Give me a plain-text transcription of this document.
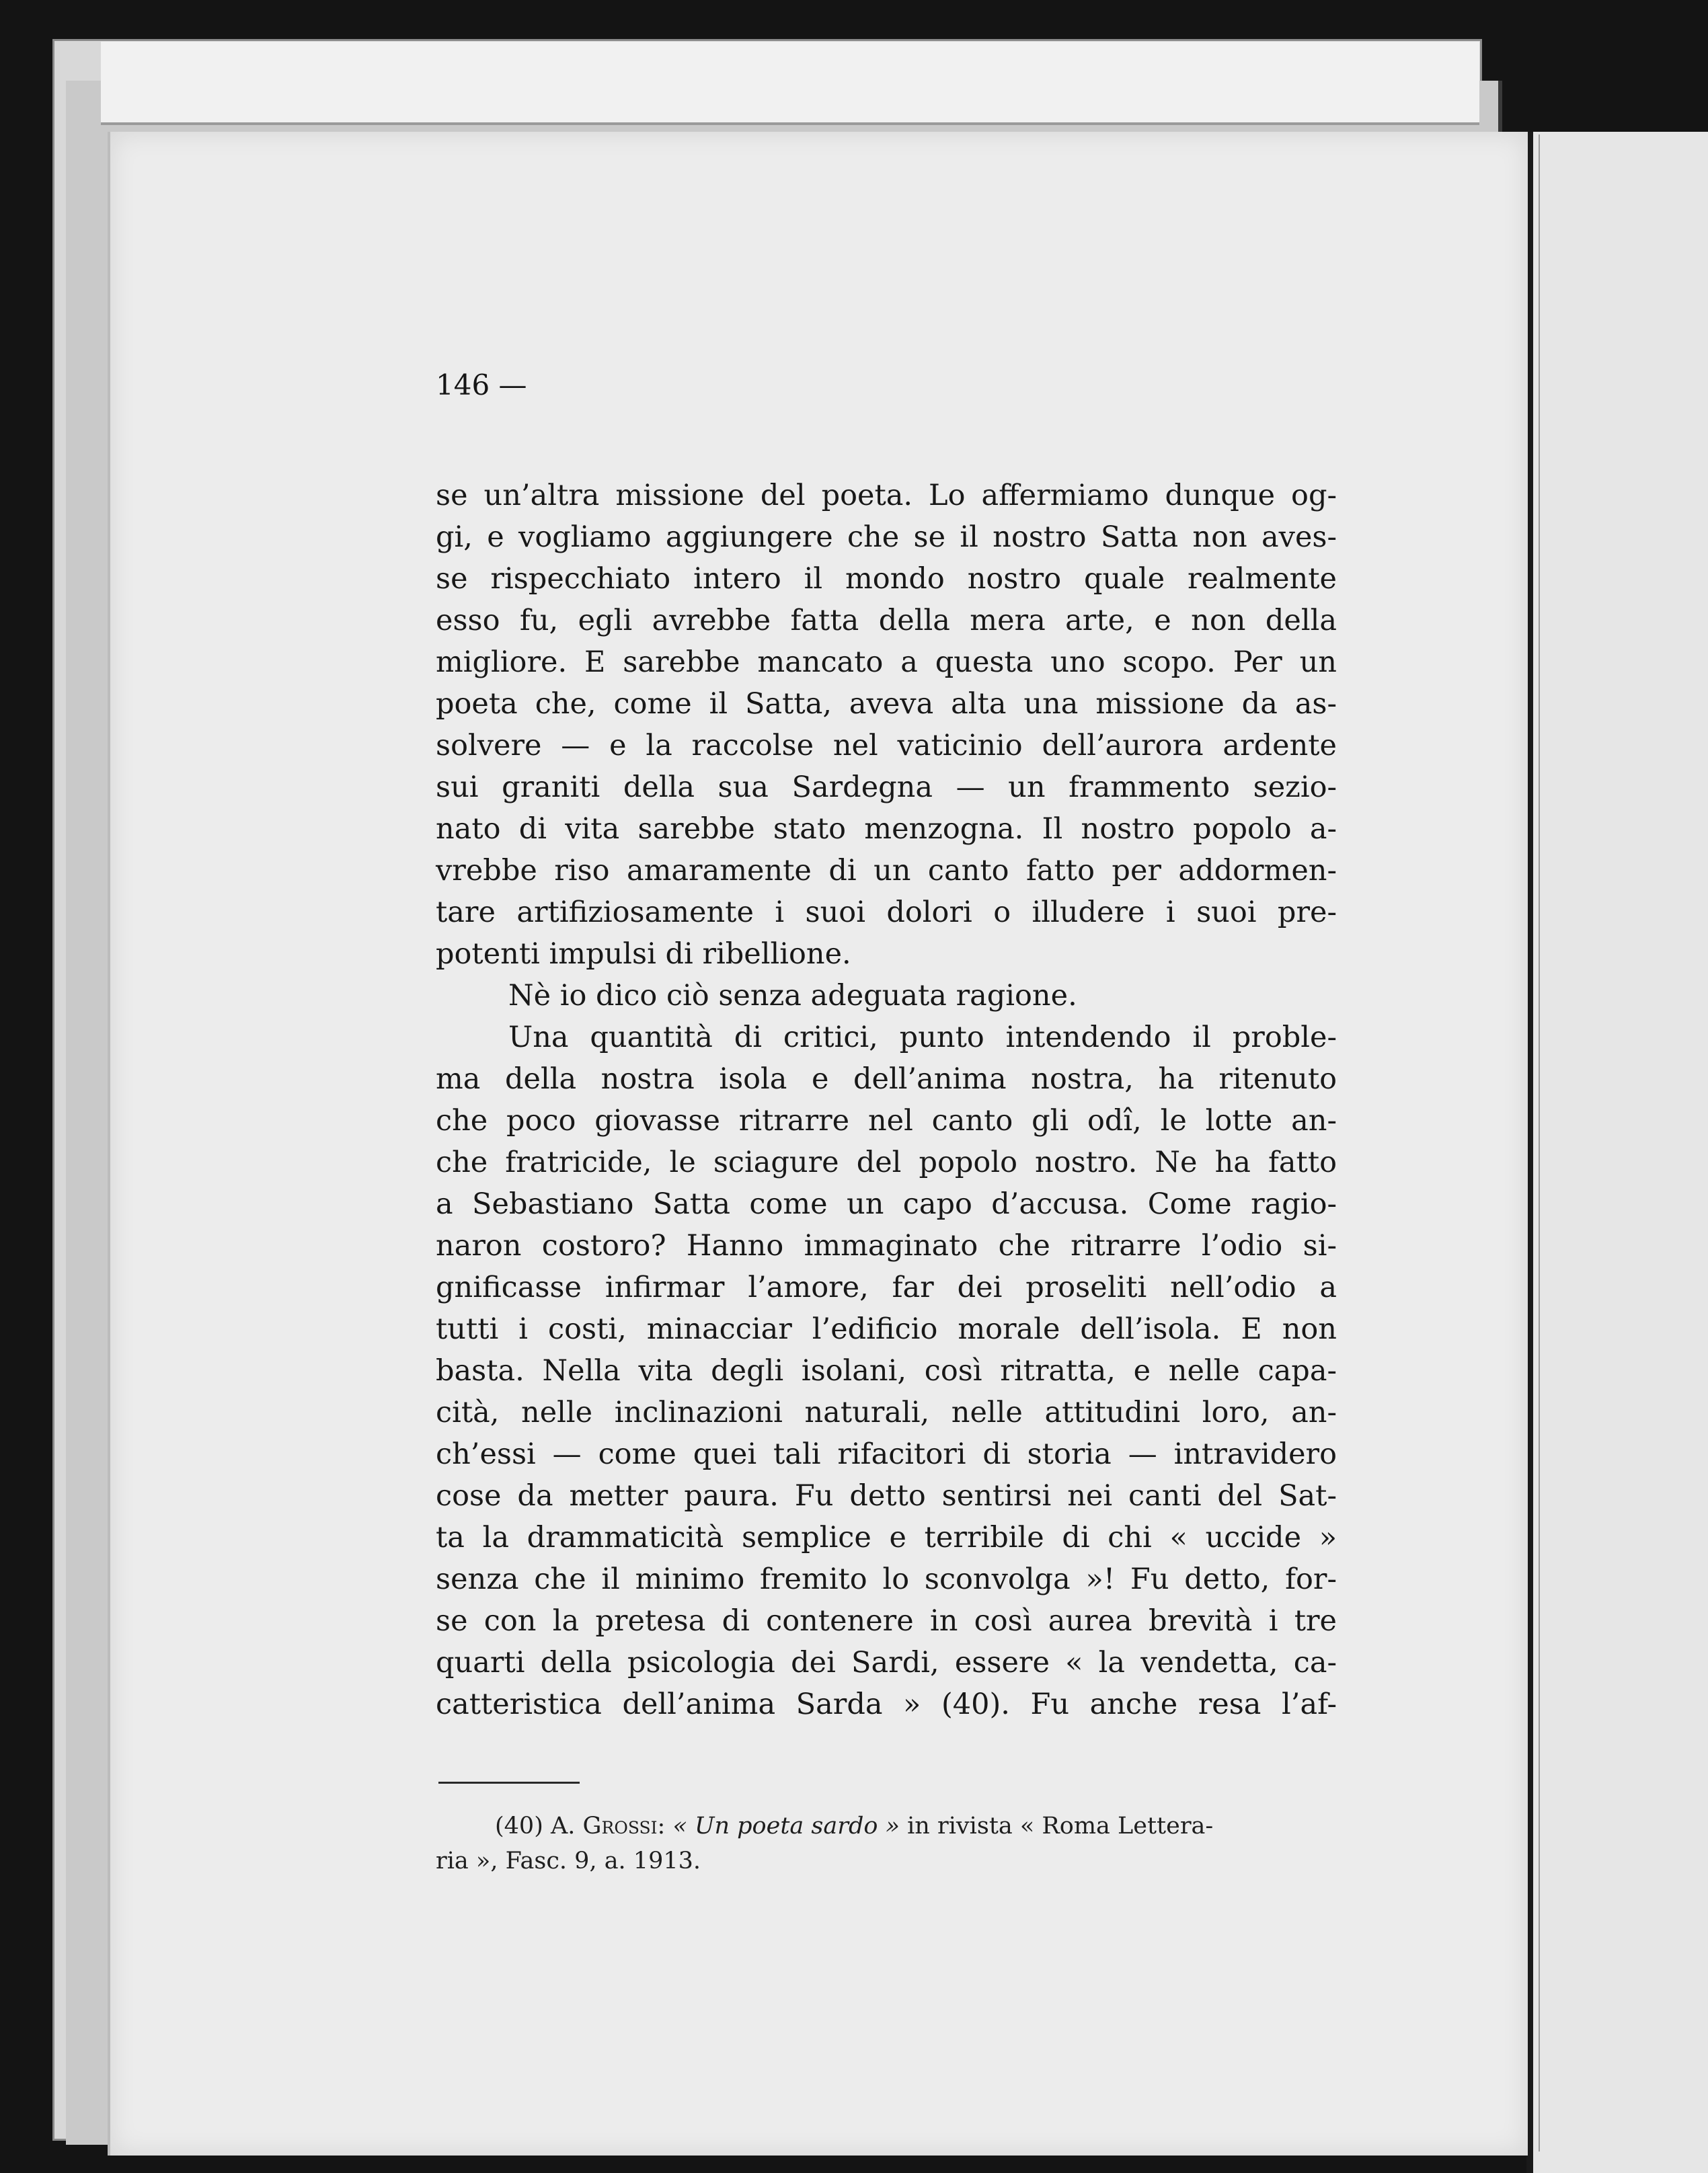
146 —
se un’altra missione del poeta. Lo affermiamo dunque og-
gi, e vogliamo aggiungere che se il nostro Satta non aves-
se rispecchiato intero il mondo nostro quale realmente
esso fu, egli avrebbe fatta della mera arte, e non della
migliore. E sarebbe mancato a questa uno scopo. Per un
poeta che, come il Satta, aveva alta una missione da as-
solvere — e la raccolse nel vaticinio dell’aurora ardente
sui graniti della sua Sardegna — un frammento sezio-
nato di vita sarebbe stato menzogna. Il nostro popolo a-
vrebbe riso amaramente di un canto fatto per addormen-
tare artifiziosamente i suoi dolori o illudere i suoi pre-
potenti impulsi di ribellione.
Nè io dico ciò senza adeguata ragione.
Una quantità di critici, punto intendendo il proble-
ma della nostra isola e dell’anima nostra, ha ritenuto
che poco giovasse ritrarre nel canto gli odî, le lotte an-
che fratricide, le sciagure del popolo nostro. Ne ha fatto
a Sebastiano Satta come un capo d’accusa. Come ragio-
naron costoro? Hanno immaginato che ritrarre l’odio si-
gnificasse infirmar l’amore, far dei proseliti nell’odio a
tutti i costi, minacciar l’edificio morale dell’isola. E non
basta. Nella vita degli isolani, così ritratta, e nelle capa-
cità, nelle inclinazioni naturali, nelle attitudini loro, an-
ch’essi — come quei tali rifacitori di storia — intravidero
cose da metter paura. Fu detto sentirsi nei canti del Sat-
ta la drammaticità semplice e terribile di chi « uccide »
senza che il minimo fremito lo sconvolga »! Fu detto, for-
se con la pretesa di contenere in così aurea brevità i tre
quarti della psicologia dei Sardi, essere « la vendetta, ca-
catteristica dell’anima Sarda » (40). Fu anche resa l’af-
(40) A. Grossi: « Un poeta sardo » in rivista « Roma Lettera-
ria », Fasc. 9, a. 1913.
